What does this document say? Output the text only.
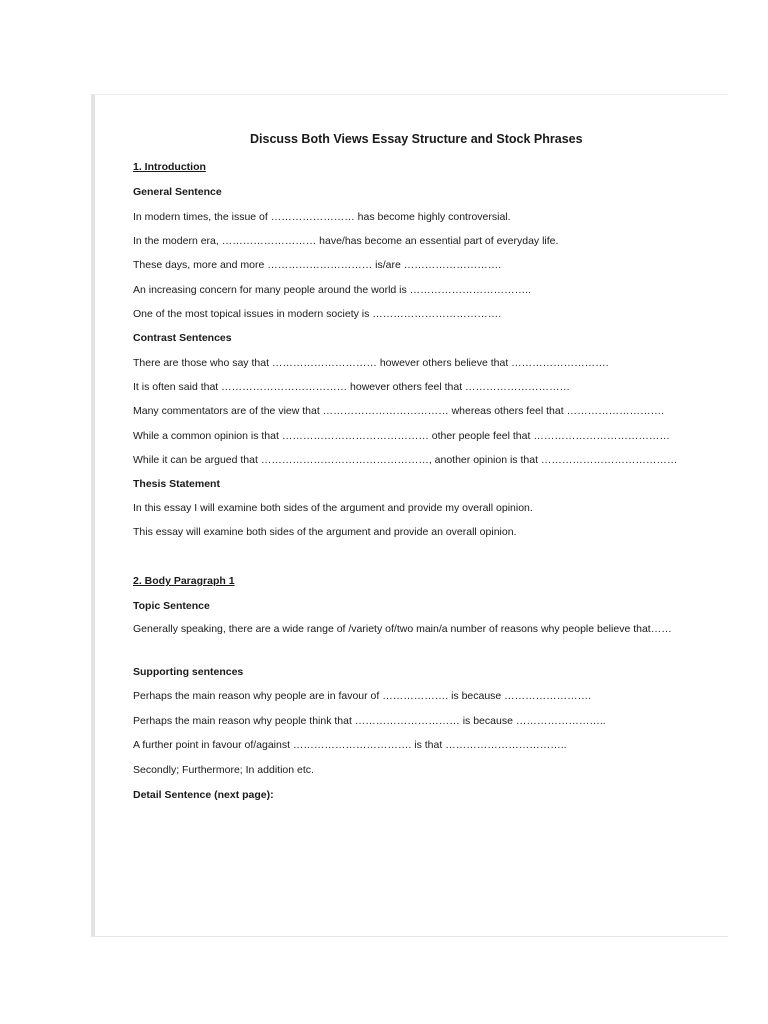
Discuss Both Views Essay Structure and Stock Phrases
1. Introduction
General Sentence
In modern times, the issue of …………………… has become highly controversial.
In the modern era, ……………………… have/has become an essential part of everyday life.
These days, more and more ………………………… is/are ……………………….
An increasing concern for many people around the world is ……………………………..
One of the most topical issues in modern society is ……………………………….
Contrast Sentences
There are those who say that ………………………… however others believe that ……………………….
It is often said that ……………………………… however others feel that …………………………
Many commentators are of the view that ……………………………… whereas others feel that ……………………….
While a common opinion is that …………………………………… other people feel that …………………………………
While it can be argued that …………………………………………, another opinion is that …………………………………
Thesis Statement
In this essay I will examine both sides of the argument and provide my overall opinion.
This essay will examine both sides of the argument and provide an overall opinion.
2. Body Paragraph 1
Topic Sentence
Generally speaking, there are a wide range of /variety of/two main/a number of reasons why people believe that……
Supporting sentences
Perhaps the main reason why people are in favour of ………………. is because …………………….
Perhaps the main reason why people think that ………………………… is because ……………………..
A further point in favour of/against ……………………………. is that ……………………………..
Secondly; Furthermore; In addition etc.
Detail Sentence (next page):
